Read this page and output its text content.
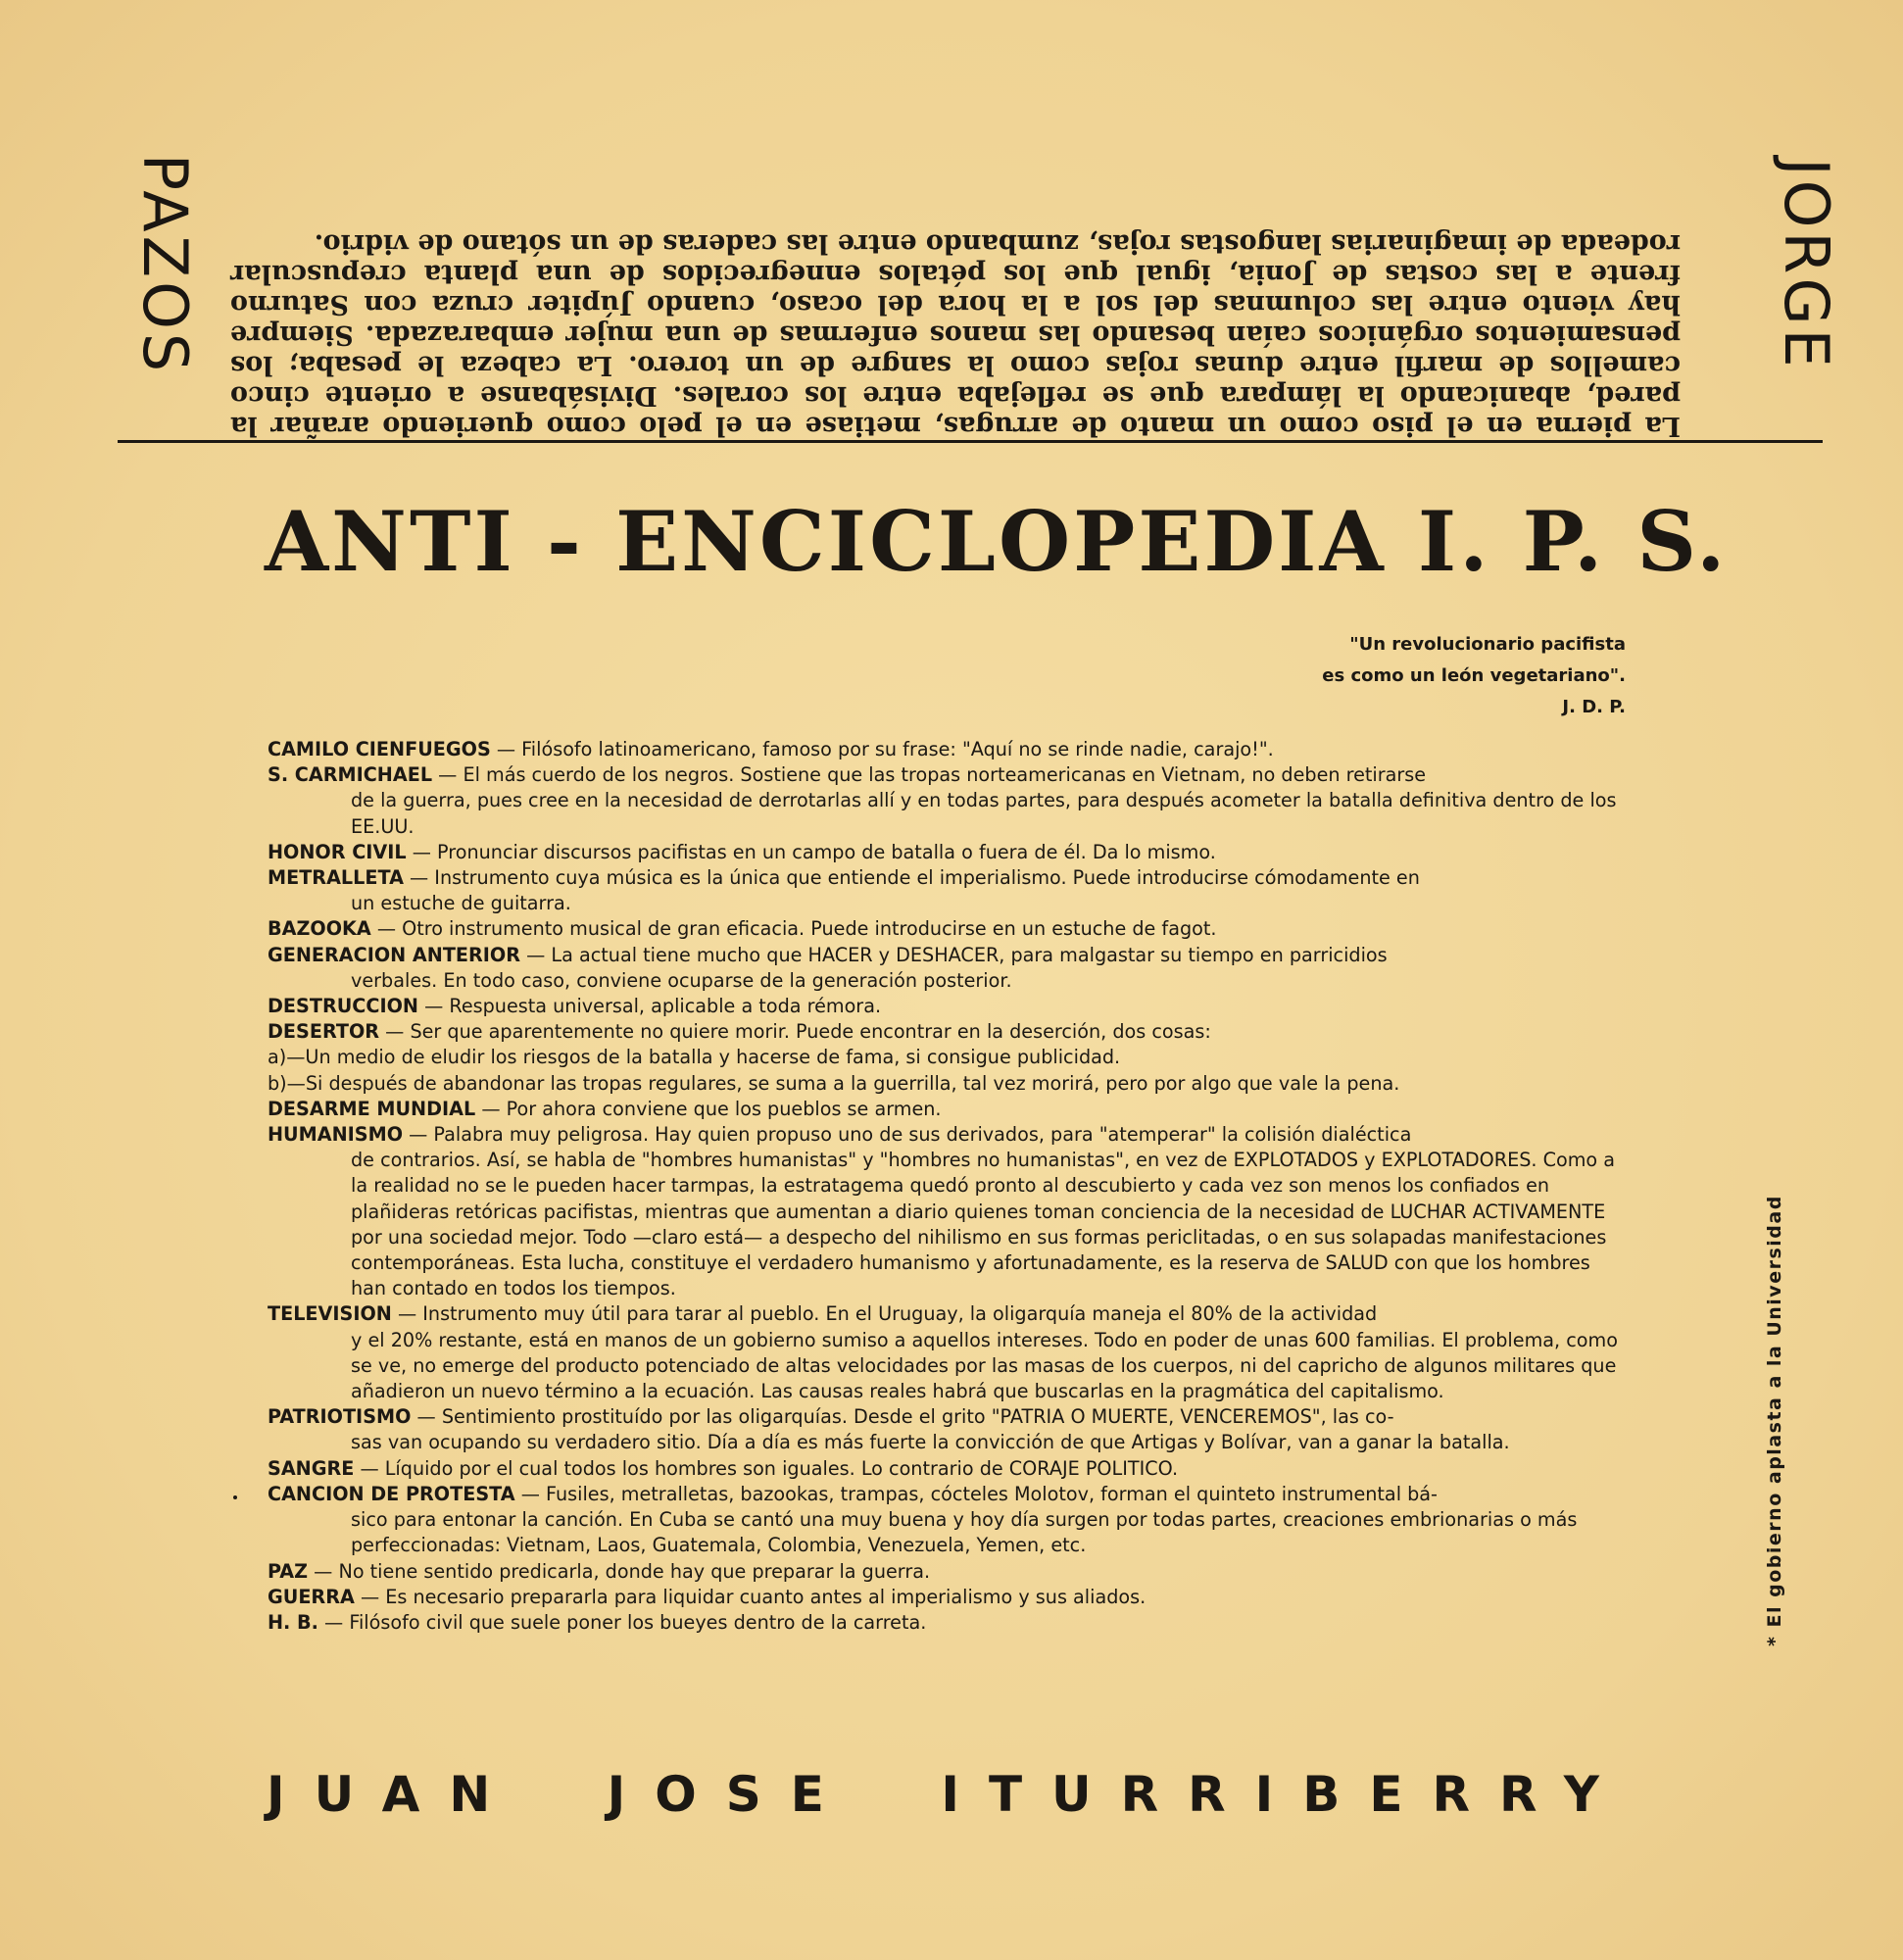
La pierna en el piso como un manto de arrugas, metiase en el pelo como queriendo arañar la pared, abanicando la lámpara que se reflejaba entre los corales. Divisábanse a oriente cinco camellos de marfil entre dunas rojas como la sangre de un torero. La cabeza le pesaba; los pensamientos orgánicos caían besando las manos enfermas de una mujer embarazada. Siempre hay viento entre las columnas del sol a la hora del ocaso, cuando Júpiter cruza con Saturno frente a las costas de Jonia, igual que los pétalos ennegrecidos de una planta crepuscular rodeada de imaginarias langostas rojas, zumbando entre las caderas de un sótano de vidrio.

PAZOS	JORGE
ANTI - ENCICLOPEDIA I. P. S.
"Un revolucionario pacifista
es como un león vegetariano".
J. D. P.
CAMILO CIENFUEGOS — Filósofo latinoamericano, famoso por su frase: "Aquí no se rinde nadie, carajo!".
S. CARMICHAEL — El más cuerdo de los negros. Sostiene que las tropas norteamericanas en Vietnam, no deben retirarse
de la guerra, pues cree en la necesidad de derrotarlas allí y en todas partes, para después acometer la batalla definitiva dentro de los EE.UU.
HONOR CIVIL — Pronunciar discursos pacifistas en un campo de batalla o fuera de él. Da lo mismo.
METRALLETA — Instrumento cuya música es la única que entiende el imperialismo. Puede introducirse cómodamente en
un estuche de guitarra.
BAZOOKA — Otro instrumento musical de gran eficacia. Puede introducirse en un estuche de fagot.
GENERACION ANTERIOR — La actual tiene mucho que HACER y DESHACER, para malgastar su tiempo en parricidios
verbales. En todo caso, conviene ocuparse de la generación posterior.
DESTRUCCION — Respuesta universal, aplicable a toda rémora.
DESERTOR — Ser que aparentemente no quiere morir. Puede encontrar en la deserción, dos cosas:
a)—Un medio de eludir los riesgos de la batalla y hacerse de fama, si consigue publicidad.
b)—Si después de abandonar las tropas regulares, se suma a la guerrilla, tal vez morirá, pero por algo que vale la pena.
DESARME MUNDIAL — Por ahora conviene que los pueblos se armen.
HUMANISMO — Palabra muy peligrosa. Hay quien propuso uno de sus derivados, para "atemperar" la colisión dialéctica
de contrarios. Así, se habla de "hombres humanistas" y "hombres no humanistas", en vez de EXPLOTADOS y EXPLOTADORES. Como a la realidad no se le pueden hacer tarmpas, la estratagema quedó pronto al descubierto y cada vez son menos los confiados en plañideras retóricas pacifistas, mientras que aumentan a diario quienes toman conciencia de la necesidad de LUCHAR ACTIVAMENTE por una sociedad mejor. Todo —claro está— a despecho del nihilismo en sus formas periclitadas, o en sus solapadas manifestaciones contemporáneas. Esta lucha, constituye el verdadero humanismo y afortunadamente, es la reserva de SALUD con que los hombres han contado en todos los tiempos.
TELEVISION — Instrumento muy útil para tarar al pueblo. En el Uruguay, la oligarquía maneja el 80% de la actividad
y el 20% restante, está en manos de un gobierno sumiso a aquellos intereses. Todo en poder de unas 600 familias. El problema, como se ve, no emerge del producto potenciado de altas velocidades por las masas de los cuerpos, ni del capricho de algunos militares que añadieron un nuevo término a la ecuación. Las causas reales habrá que buscarlas en la pragmática del capitalismo.
PATRIOTISMO — Sentimiento prostituído por las oligarquías. Desde el grito "PATRIA O MUERTE, VENCEREMOS", las co-
sas van ocupando su verdadero sitio. Día a día es más fuerte la convicción de que Artigas y Bolívar, van a ganar la batalla.
SANGRE — Líquido por el cual todos los hombres son iguales. Lo contrario de CORAJE POLITICO.
CANCION DE PROTESTA — Fusiles, metralletas, bazookas, trampas, cócteles Molotov, forman el quinteto instrumental bá-
sico para entonar la canción. En Cuba se cantó una muy buena y hoy día surgen por todas partes, creaciones embrionarias o más perfeccionadas: Vietnam, Laos, Guatemala, Colombia, Venezuela, Yemen, etc.
PAZ — No tiene sentido predicarla, donde hay que preparar la guerra.
GUERRA — Es necesario prepararla para liquidar cuanto antes al imperialismo y sus aliados.
H. B. — Filósofo civil que suele poner los bueyes dentro de la carreta.
JUAN JOSE ITURRIBERRY
* El gobierno aplasta a la Universidad
